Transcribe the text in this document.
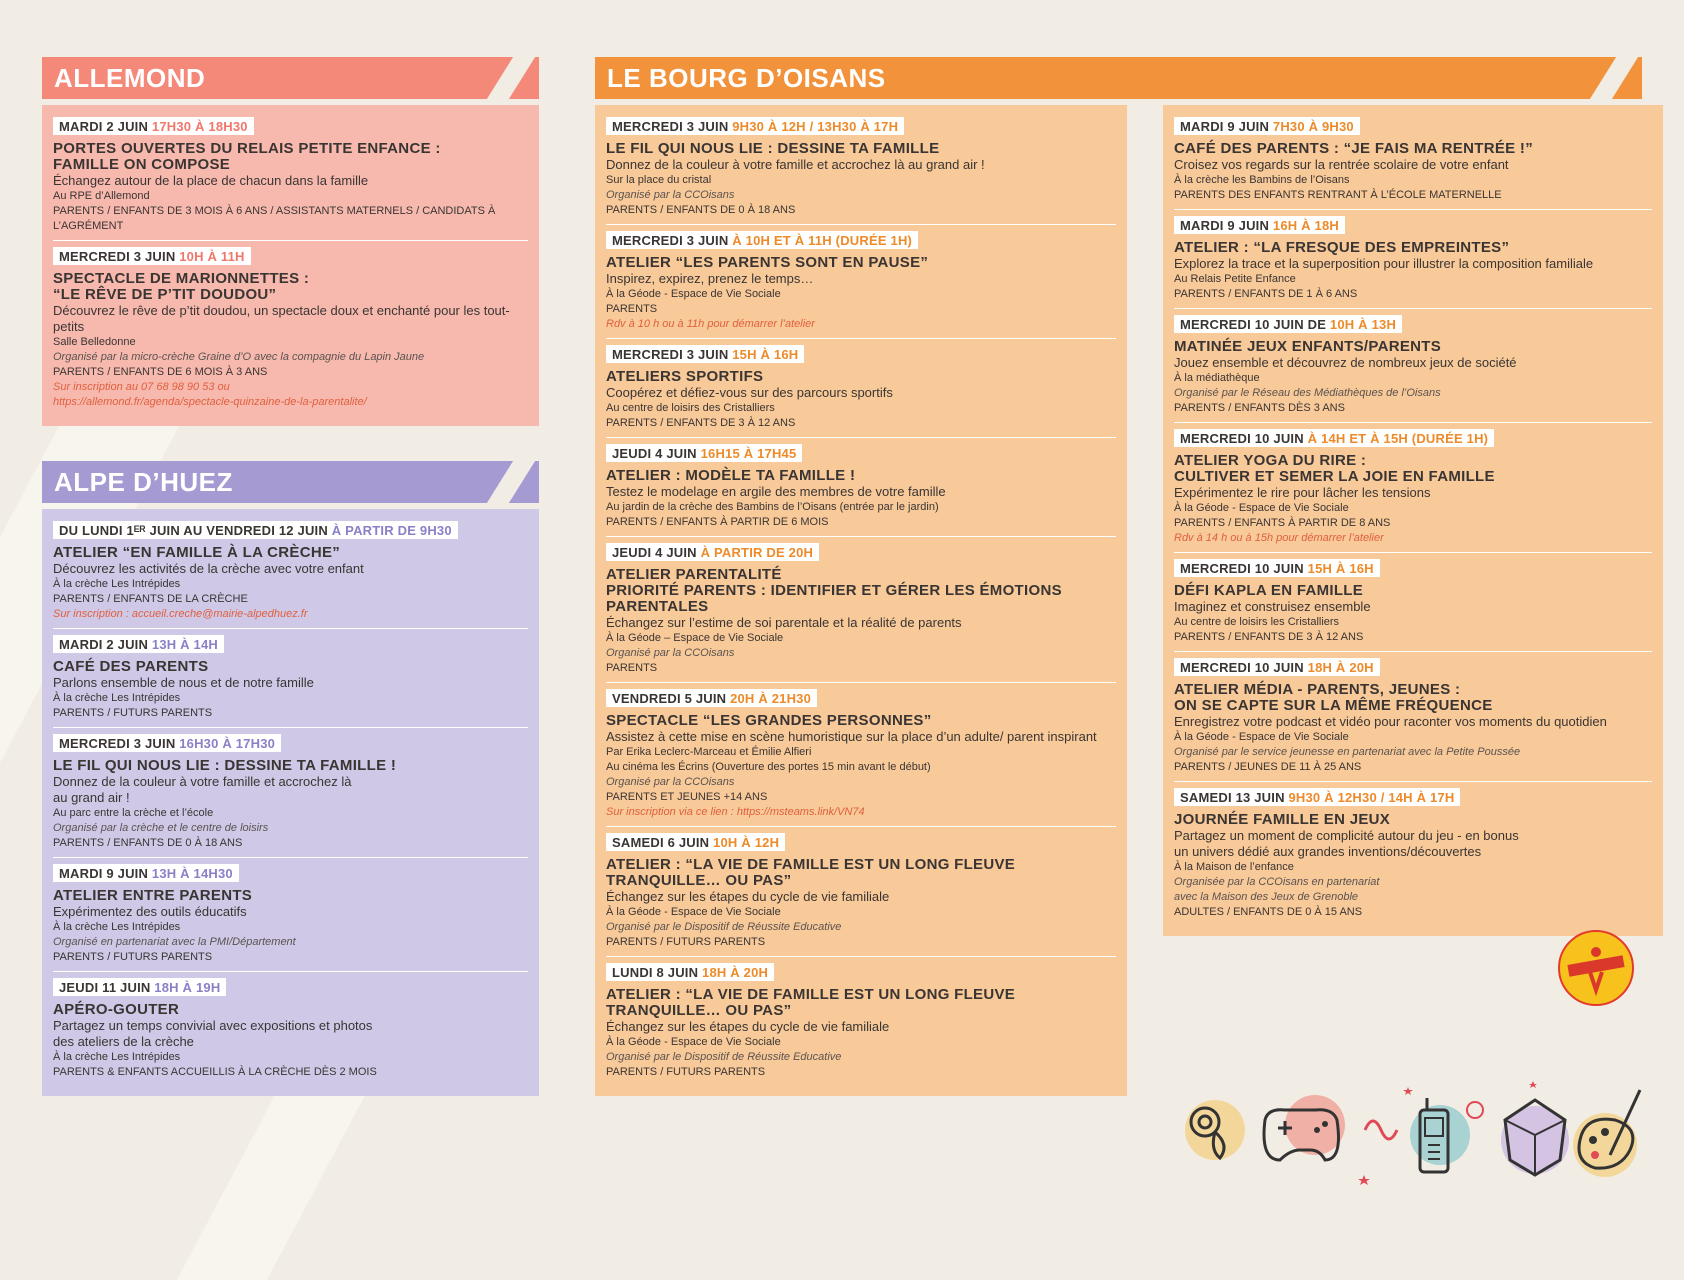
ALLEMOND
MARDI 2 JUIN 17H30 À 18H30
PORTES OUVERTES DU RELAIS PETITE ENFANCE :
FAMILLE ON COMPOSE
Échangez autour de la place de chacun dans la famille
Au RPE d’Allemond
PARENTS / ENFANTS DE 3 MOIS À 6 ANS / ASSISTANTS MATERNELS / CANDIDATS À L’AGRÉMENT
MERCREDI 3 JUIN 10H À 11H
SPECTACLE DE MARIONNETTES :
“LE RÊVE DE P’TIT DOUDOU”
Découvrez le rêve de p’tit doudou, un spectacle doux et enchanté pour les tout-petits
Salle Belledonne
Organisé par la micro-crèche Graine d’O avec la compagnie du Lapin Jaune
PARENTS / ENFANTS DE 6 MOIS À 3 ANS
Sur inscription au 07 68 98 90 53 ou
https://allemond.fr/agenda/spectacle-quinzaine-de-la-parentalite/
ALPE D’HUEZ
DU LUNDI 1ᴱᴿ JUIN AU VENDREDI 12 JUIN À PARTIR DE 9H30
ATELIER “EN FAMILLE À LA CRÈCHE”
Découvrez les activités de la crèche avec votre enfant
À la crèche Les Intrépides
PARENTS / ENFANTS DE LA CRÈCHE
Sur inscription : accueil.creche@mairie-alpedhuez.fr
MARDI 2 JUIN 13H À 14H
CAFÉ DES PARENTS
Parlons ensemble de nous et de notre famille
À la crèche Les Intrépides
PARENTS / FUTURS PARENTS
MERCREDI 3 JUIN 16H30 À 17H30
LE FIL QUI NOUS LIE : DESSINE TA FAMILLE !
Donnez de la couleur à votre famille et accrochez là
au grand air !
Au parc entre la crèche et l’école
Organisé par la crèche et le centre de loisirs
PARENTS / ENFANTS DE 0 À 18 ANS
MARDI 9 JUIN 13H À 14H30
ATELIER ENTRE PARENTS
Expérimentez des outils éducatifs
À la crèche Les Intrépides
Organisé en partenariat avec la PMI/Département
PARENTS / FUTURS PARENTS
JEUDI 11 JUIN 18H À 19H
APÉRO-GOUTER
Partagez un temps convivial avec expositions et photos
des ateliers de la crèche
À la crèche Les Intrépides
PARENTS & ENFANTS ACCUEILLIS À LA CRÈCHE DÈS 2 MOIS
LE BOURG D’OISANS
MERCREDI 3 JUIN 9H30 À 12H / 13H30 À 17H
LE FIL QUI NOUS LIE : DESSINE TA FAMILLE
Donnez de la couleur à votre famille et accrochez là au grand air !
Sur la place du cristal
Organisé par la CCOisans
PARENTS / ENFANTS DE 0 À 18 ANS
MERCREDI 3 JUIN À 10H ET À 11H (DURÉE 1H)
ATELIER “LES PARENTS SONT EN PAUSE”
Inspirez, expirez, prenez le temps…
À la Géode - Espace de Vie Sociale
PARENTS
Rdv à 10 h ou à 11h pour démarrer l’atelier
MERCREDI 3 JUIN 15H À 16H
ATELIERS SPORTIFS
Coopérez et défiez-vous sur des parcours sportifs
Au centre de loisirs des Cristalliers
PARENTS / ENFANTS DE 3 À 12 ANS
JEUDI 4 JUIN 16H15 À 17H45
ATELIER : MODÈLE TA FAMILLE !
Testez le modelage en argile des membres de votre famille
Au jardin de la crèche des Bambins de l’Oisans (entrée par le jardin)
PARENTS / ENFANTS À PARTIR DE 6 MOIS
JEUDI 4 JUIN À PARTIR DE 20H
ATELIER PARENTALITÉ
PRIORITÉ PARENTS : IDENTIFIER ET GÉRER LES ÉMOTIONS PARENTALES
Échangez sur l’estime de soi parentale et la réalité de parents
À la Géode – Espace de Vie Sociale
Organisé par la CCOisans
PARENTS
VENDREDI 5 JUIN 20H À 21H30
SPECTACLE “LES GRANDES PERSONNES”
Assistez à cette mise en scène humoristique sur la place d’un adulte/ parent inspirant
Par Erika Leclerc-Marceau et Émilie Alfieri
Au cinéma les Écrins (Ouverture des portes 15 min avant le début)
Organisé par la CCOisans
PARENTS ET JEUNES +14 ANS
Sur inscription via ce lien : https://msteams.link/VN74
SAMEDI 6 JUIN 10H À 12H
ATELIER : “LA VIE DE FAMILLE EST UN LONG FLEUVE
TRANQUILLE… OU PAS”
Échangez sur les étapes du cycle de vie familiale
À la Géode - Espace de Vie Sociale
Organisé par le Dispositif de Réussite Educative
PARENTS / FUTURS PARENTS
LUNDI 8 JUIN 18H À 20H
ATELIER : “LA VIE DE FAMILLE EST UN LONG FLEUVE
TRANQUILLE… OU PAS”
Échangez sur les étapes du cycle de vie familiale
À la Géode - Espace de Vie Sociale
Organisé par le Dispositif de Réussite Educative
PARENTS / FUTURS PARENTS
MARDI 9 JUIN 7H30 À 9H30
CAFÉ DES PARENTS : “JE FAIS MA RENTRÉE !”
Croisez vos regards sur la rentrée scolaire de votre enfant
À la crèche les Bambins de l’Oisans
PARENTS DES ENFANTS RENTRANT À L’ÉCOLE MATERNELLE
MARDI 9 JUIN 16H À 18H
ATELIER : “LA FRESQUE DES EMPREINTES”
Explorez la trace et la superposition pour illustrer la composition familiale
Au Relais Petite Enfance
PARENTS / ENFANTS DE 1 À 6 ANS
MERCREDI 10 JUIN DE 10H À 13H
MATINÉE JEUX ENFANTS/PARENTS
Jouez ensemble et découvrez de nombreux jeux de société
À la médiathèque
Organisé par le Réseau des Médiathèques de l’Oisans
PARENTS / ENFANTS DÈS 3 ANS
MERCREDI 10 JUIN À 14H ET À 15H (DURÉE 1H)
ATELIER YOGA DU RIRE :
CULTIVER ET SEMER LA JOIE EN FAMILLE
Expérimentez le rire pour lâcher les tensions
À la Géode - Espace de Vie Sociale
PARENTS / ENFANTS À PARTIR DE 8 ANS
Rdv à 14 h ou à 15h pour démarrer l’atelier
MERCREDI 10 JUIN 15H À 16H
DÉFI KAPLA EN FAMILLE
Imaginez et construisez ensemble
Au centre de loisirs les Cristalliers
PARENTS / ENFANTS DE 3 À 12 ANS
MERCREDI 10 JUIN 18H À 20H
ATELIER MÉDIA - PARENTS, JEUNES :
ON SE CAPTE SUR LA MÊME FRÉQUENCE
Enregistrez votre podcast et vidéo pour raconter vos moments du quotidien
À la Géode - Espace de Vie Sociale
Organisé par le service jeunesse en partenariat avec la Petite Poussée
PARENTS / JEUNES DE 11 À 25 ANS
SAMEDI 13 JUIN 9H30 À 12H30 / 14H À 17H
JOURNÉE FAMILLE EN JEUX
Partagez un moment de complicité autour du jeu - en bonus
un univers dédié aux grandes inventions/découvertes
À la Maison de l’enfance
Organisée par la CCOisans en partenariat
avec la Maison des Jeux de Grenoble
ADULTES / ENFANTS DE 0 À 15 ANS
